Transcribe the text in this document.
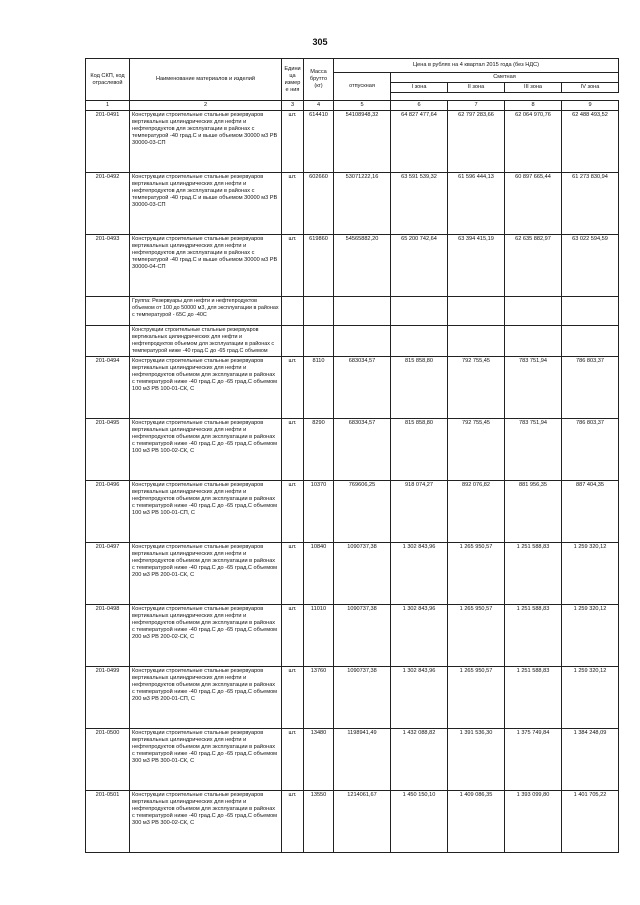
305
Код СКП, код отраслевой	Наименование материалов и изделий	Едини ца измере ния	Масса брутто (кг)	Цена в рублях на 4 квартал 2015 года (без НДС)				
				отпускная	Сметная			
					I зона	II зона	III зона	IV зона

1	2	3	4	5	6	7	8	9
201-0491	Конструкции строительные стальные резервуаров вертикальных цилиндрических для нефти и нефтепродуктов для эксплуатации в районах с температурой -40 град.С и выше объемом 30000 м3 РВ 30000-03-СП	шт.	614410	54108948,32	64 827 477,64	62 797 283,66	62 064 970,76	62 488 493,52
201-0492	Конструкции строительные стальные резервуаров вертикальных цилиндрических для нефти и нефтепродуктов для эксплуатации в районах с температурой -40 град.С и выше объемом 30000 м3 РВ 30000-03-СП	шт.	602660	53071222,16	63 591 539,32	61 596 444,13	60 897 665,44	61 273 830,94
201-0493	Конструкции строительные стальные резервуаров вертикальных цилиндрических для нефти и нефтепродуктов для эксплуатации в районах с температурой -40 град.С и выше объемом 30000 м3 РВ 30000-04-СП	шт.	619860	54565882,20	65 200 742,64	63 394 415,19	62 635 882,97	63 022 594,59
	Группа: Резервуары для нефти и нефтепродуктов объемом от 100 до 50000 м3, для эксплуатации в районах с температурой - 65С до -40С							
	Конструкции строительные стальные резервуаров вертикальных цилиндрических для нефти и нефтепродуктов объемом для эксплуатации в районах с температурой ниже -40 град.С до -65 град.С объемом							
201-0494	Конструкции строительные стальные резервуаров вертикальных цилиндрических для нефти и нефтепродуктов объемом для эксплуатации в районах с температурой ниже -40 град.С до -65 град.С объемом 100 м3 РВ 100-01-СК, С	шт.	8110	683034,57	815 858,80	792 755,45	783 751,94	786 803,37
201-0495	Конструкции строительные стальные резервуаров вертикальных цилиндрических для нефти и нефтепродуктов объемом для эксплуатации в районах с температурой ниже -40 град.С до -65 град.С объемом 100 м3 РВ 100-02-СК, С	шт.	8290	683034,57	815 858,80	792 755,45	783 751,94	786 803,37
201-0496	Конструкции строительные стальные резервуаров вертикальных цилиндрических для нефти и нефтепродуктов объемом для эксплуатации в районах с температурой ниже -40 град.С до -65 град.С объемом 100 м3 РВ 100-01-СП, С	шт.	10370	769606,25	918 074,27	892 076,82	881 956,35	887 404,35
201-0497	Конструкции строительные стальные резервуаров вертикальных цилиндрических для нефти и нефтепродуктов объемом для эксплуатации в районах с температурой ниже -40 град.С до -65 град.С объемом 200 м3 РВ 200-01-СК, С	шт.	10840	1090737,38	1 302 843,96	1 265 950,57	1 251 588,83	1 259 320,12
201-0498	Конструкции строительные стальные резервуаров вертикальных цилиндрических для нефти и нефтепродуктов объемом для эксплуатации в районах с температурой ниже -40 град.С до -65 град.С объемом 200 м3 РВ 200-02-СК, С	шт.	11010	1090737,38	1 302 843,96	1 265 950,57	1 251 588,83	1 259 320,12
201-0499	Конструкции строительные стальные резервуаров вертикальных цилиндрических для нефти и нефтепродуктов объемом для эксплуатации в районах с температурой ниже -40 град.С до -65 град.С объемом 200 м3 РВ 200-01-СП, С	шт.	13760	1090737,38	1 302 843,96	1 265 950,57	1 251 588,83	1 259 320,12
201-0500	Конструкции строительные стальные резервуаров вертикальных цилиндрических для нефти и нефтепродуктов объемом для эксплуатации в районах с температурой ниже -40 град.С до -65 град.С объемом 300 м3 РВ 300-01-СК, С	шт.	13480	1198941,49	1 432 088,82	1 391 536,30	1 375 749,84	1 384 248,09
201-0501	Конструкции строительные стальные резервуаров вертикальных цилиндрических для нефти и нефтепродуктов объемом для эксплуатации в районах с температурой ниже -40 град.С до -65 град.С объемом 300 м3 РВ 300-02-СК, С	шт.	13550	1214061,67	1 450 150,10	1 409 086,35	1 393 099,80	1 401 705,22
